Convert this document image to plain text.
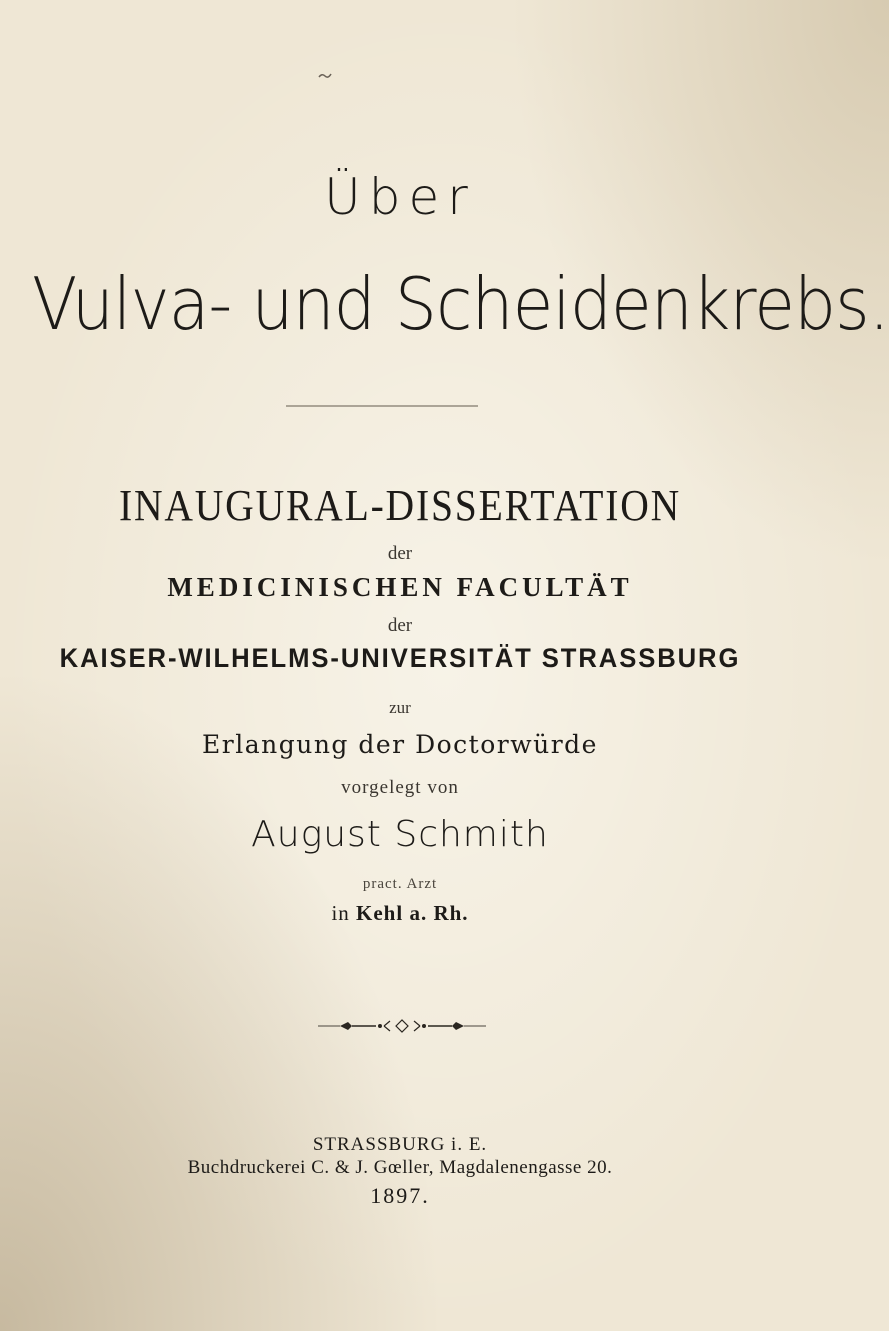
Über
Vulva- und Scheidenkrebs.
INAUGURAL-DISSERTATION
der
MEDICINISCHEN FACULTÄT
der
KAISER-WILHELMS-UNIVERSITÄT STRASSBURG
zur
Erlangung der Doctorwürde
vorgelegt von
August Schmith
pract. Arzt
in Kehl a. Rh.
STRASSBURG i. E.
Buchdruckerei C. & J. Gœller, Magdalenengasse 20.
1897.
